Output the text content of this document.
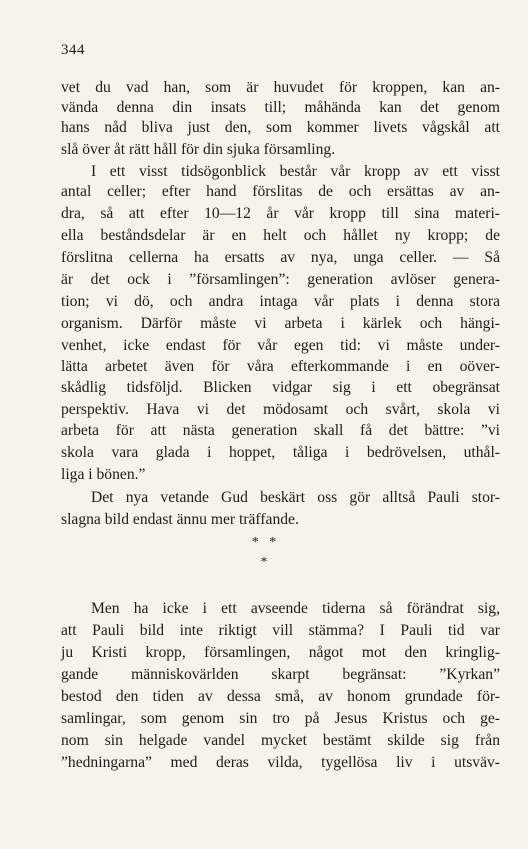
344
vet du vad han, som är huvudet för kroppen, kan an-
vända denna din insats till; måhända kan det genom
hans nåd bliva just den, som kommer livets vågskål att
slå över åt rätt håll för din sjuka församling.
I ett visst tidsögonblick består vår kropp av ett visst
antal celler; efter hand förslitas de och ersättas av an-
dra, så att efter 10—12 år vår kropp till sina materi-
ella beståndsdelar är en helt och hållet ny kropp; de
förslitna cellerna ha ersatts av nya, unga celler. — Så
är det ock i ”församlingen”: generation avlöser genera-
tion; vi dö, och andra intaga vår plats i denna stora
organism. Därför måste vi arbeta i kärlek och hängi-
venhet, icke endast för vår egen tid: vi måste under-
lätta arbetet även för våra efterkommande i en oöver-
skådlig tidsföljd. Blicken vidgar sig i ett obegränsat
perspektiv. Hava vi det mödosamt och svårt, skola vi
arbeta för att nästa generation skall få det bättre: ”vi
skola vara glada i hoppet, tåliga i bedrövelsen, uthål-
liga i bönen.”
Det nya vetande Gud beskärt oss gör alltså Pauli stor-
slagna bild endast ännu mer träffande.
Men ha icke i ett avseende tiderna så förändrat sig,
att Pauli bild inte riktigt vill stämma? I Pauli tid var
ju Kristi kropp, församlingen, något mot den kringlig-
gande människovärlden skarpt begränsat: ”Kyrkan”
bestod den tiden av dessa små, av honom grundade för-
samlingar, som genom sin tro på Jesus Kristus och ge-
nom sin helgade vandel mycket bestämt skilde sig från
”hedningarna” med deras vilda, tygellösa liv i utsväv-
*   *
*
